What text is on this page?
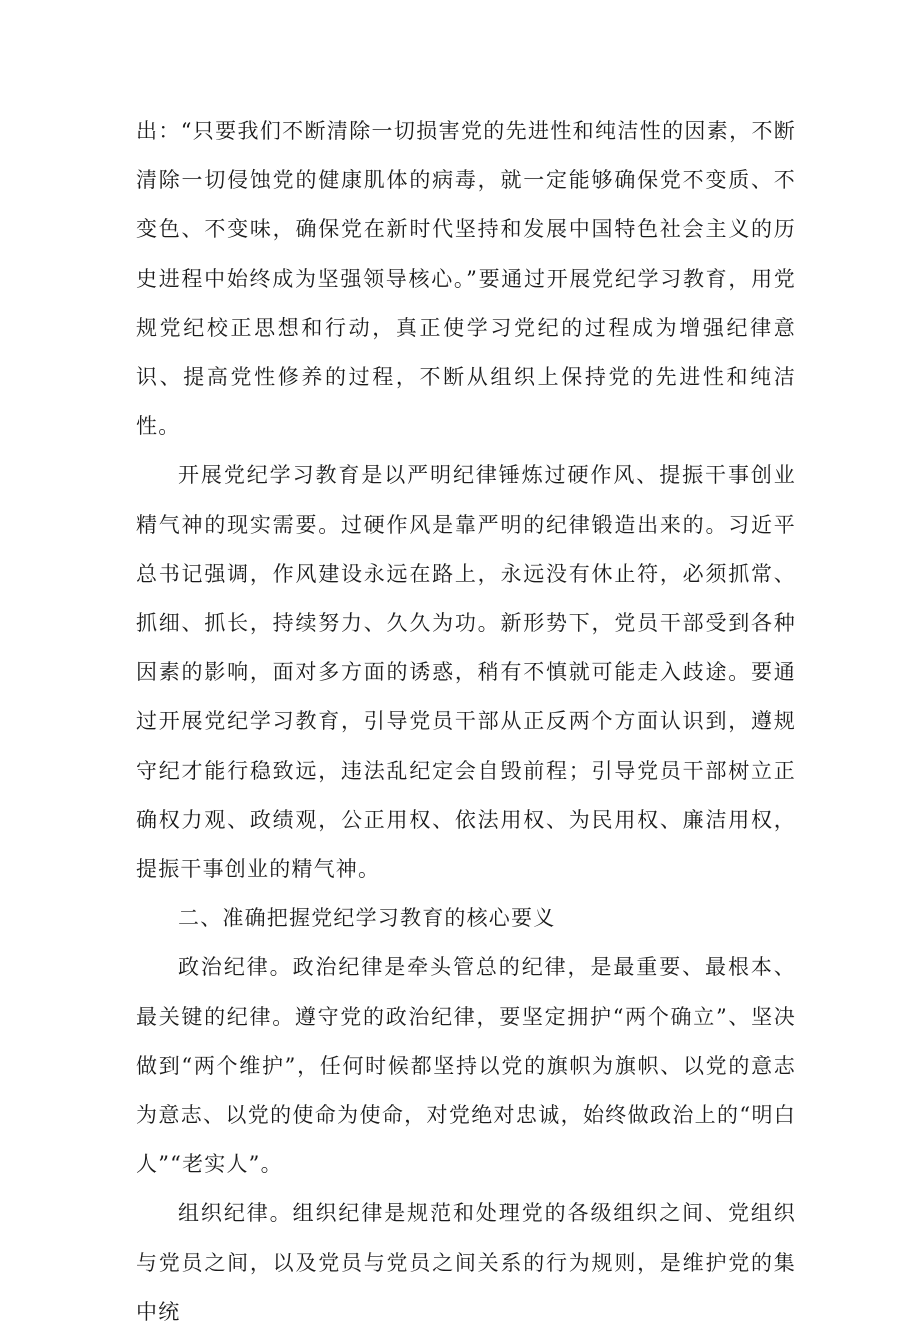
出：“只要我们不断清除一切损害党的先进性和纯洁性的因素，不断清除一切侵蚀党的健康肌体的病毒，就一定能够确保党不变质、不变色、不变味，确保党在新时代坚持和发展中国特色社会主义的历史进程中始终成为坚强领导核心。”要通过开展党纪学习教育，用党规党纪校正思想和行动，真正使学习党纪的过程成为增强纪律意识、提高党性修养的过程，不断从组织上保持党的先进性和纯洁性。

开展党纪学习教育是以严明纪律锤炼过硬作风、提振干事创业精气神的现实需要。过硬作风是靠严明的纪律锻造出来的。习近平总书记强调，作风建设永远在路上，永远没有休止符，必须抓常、抓细、抓长，持续努力、久久为功。新形势下，党员干部受到各种因素的影响，面对多方面的诱惑，稍有不慎就可能走入歧途。要通过开展党纪学习教育，引导党员干部从正反两个方面认识到，遵规守纪才能行稳致远，违法乱纪定会自毁前程；引导党员干部树立正确权力观、政绩观，公正用权、依法用权、为民用权、廉洁用权，提振干事创业的精气神。

二、准确把握党纪学习教育的核心要义

政治纪律。政治纪律是牵头管总的纪律，是最重要、最根本、最关键的纪律。遵守党的政治纪律，要坚定拥护“两个确立”、坚决做到“两个维护”，任何时候都坚持以党的旗帜为旗帜、以党的意志为意志、以党的使命为使命，对党绝对忠诚，始终做政治上的“明白人”“老实人”。

组织纪律。组织纪律是规范和处理党的各级组织之间、党组织与党员之间，以及党员与党员之间关系的行为规则，是维护党的集中统
